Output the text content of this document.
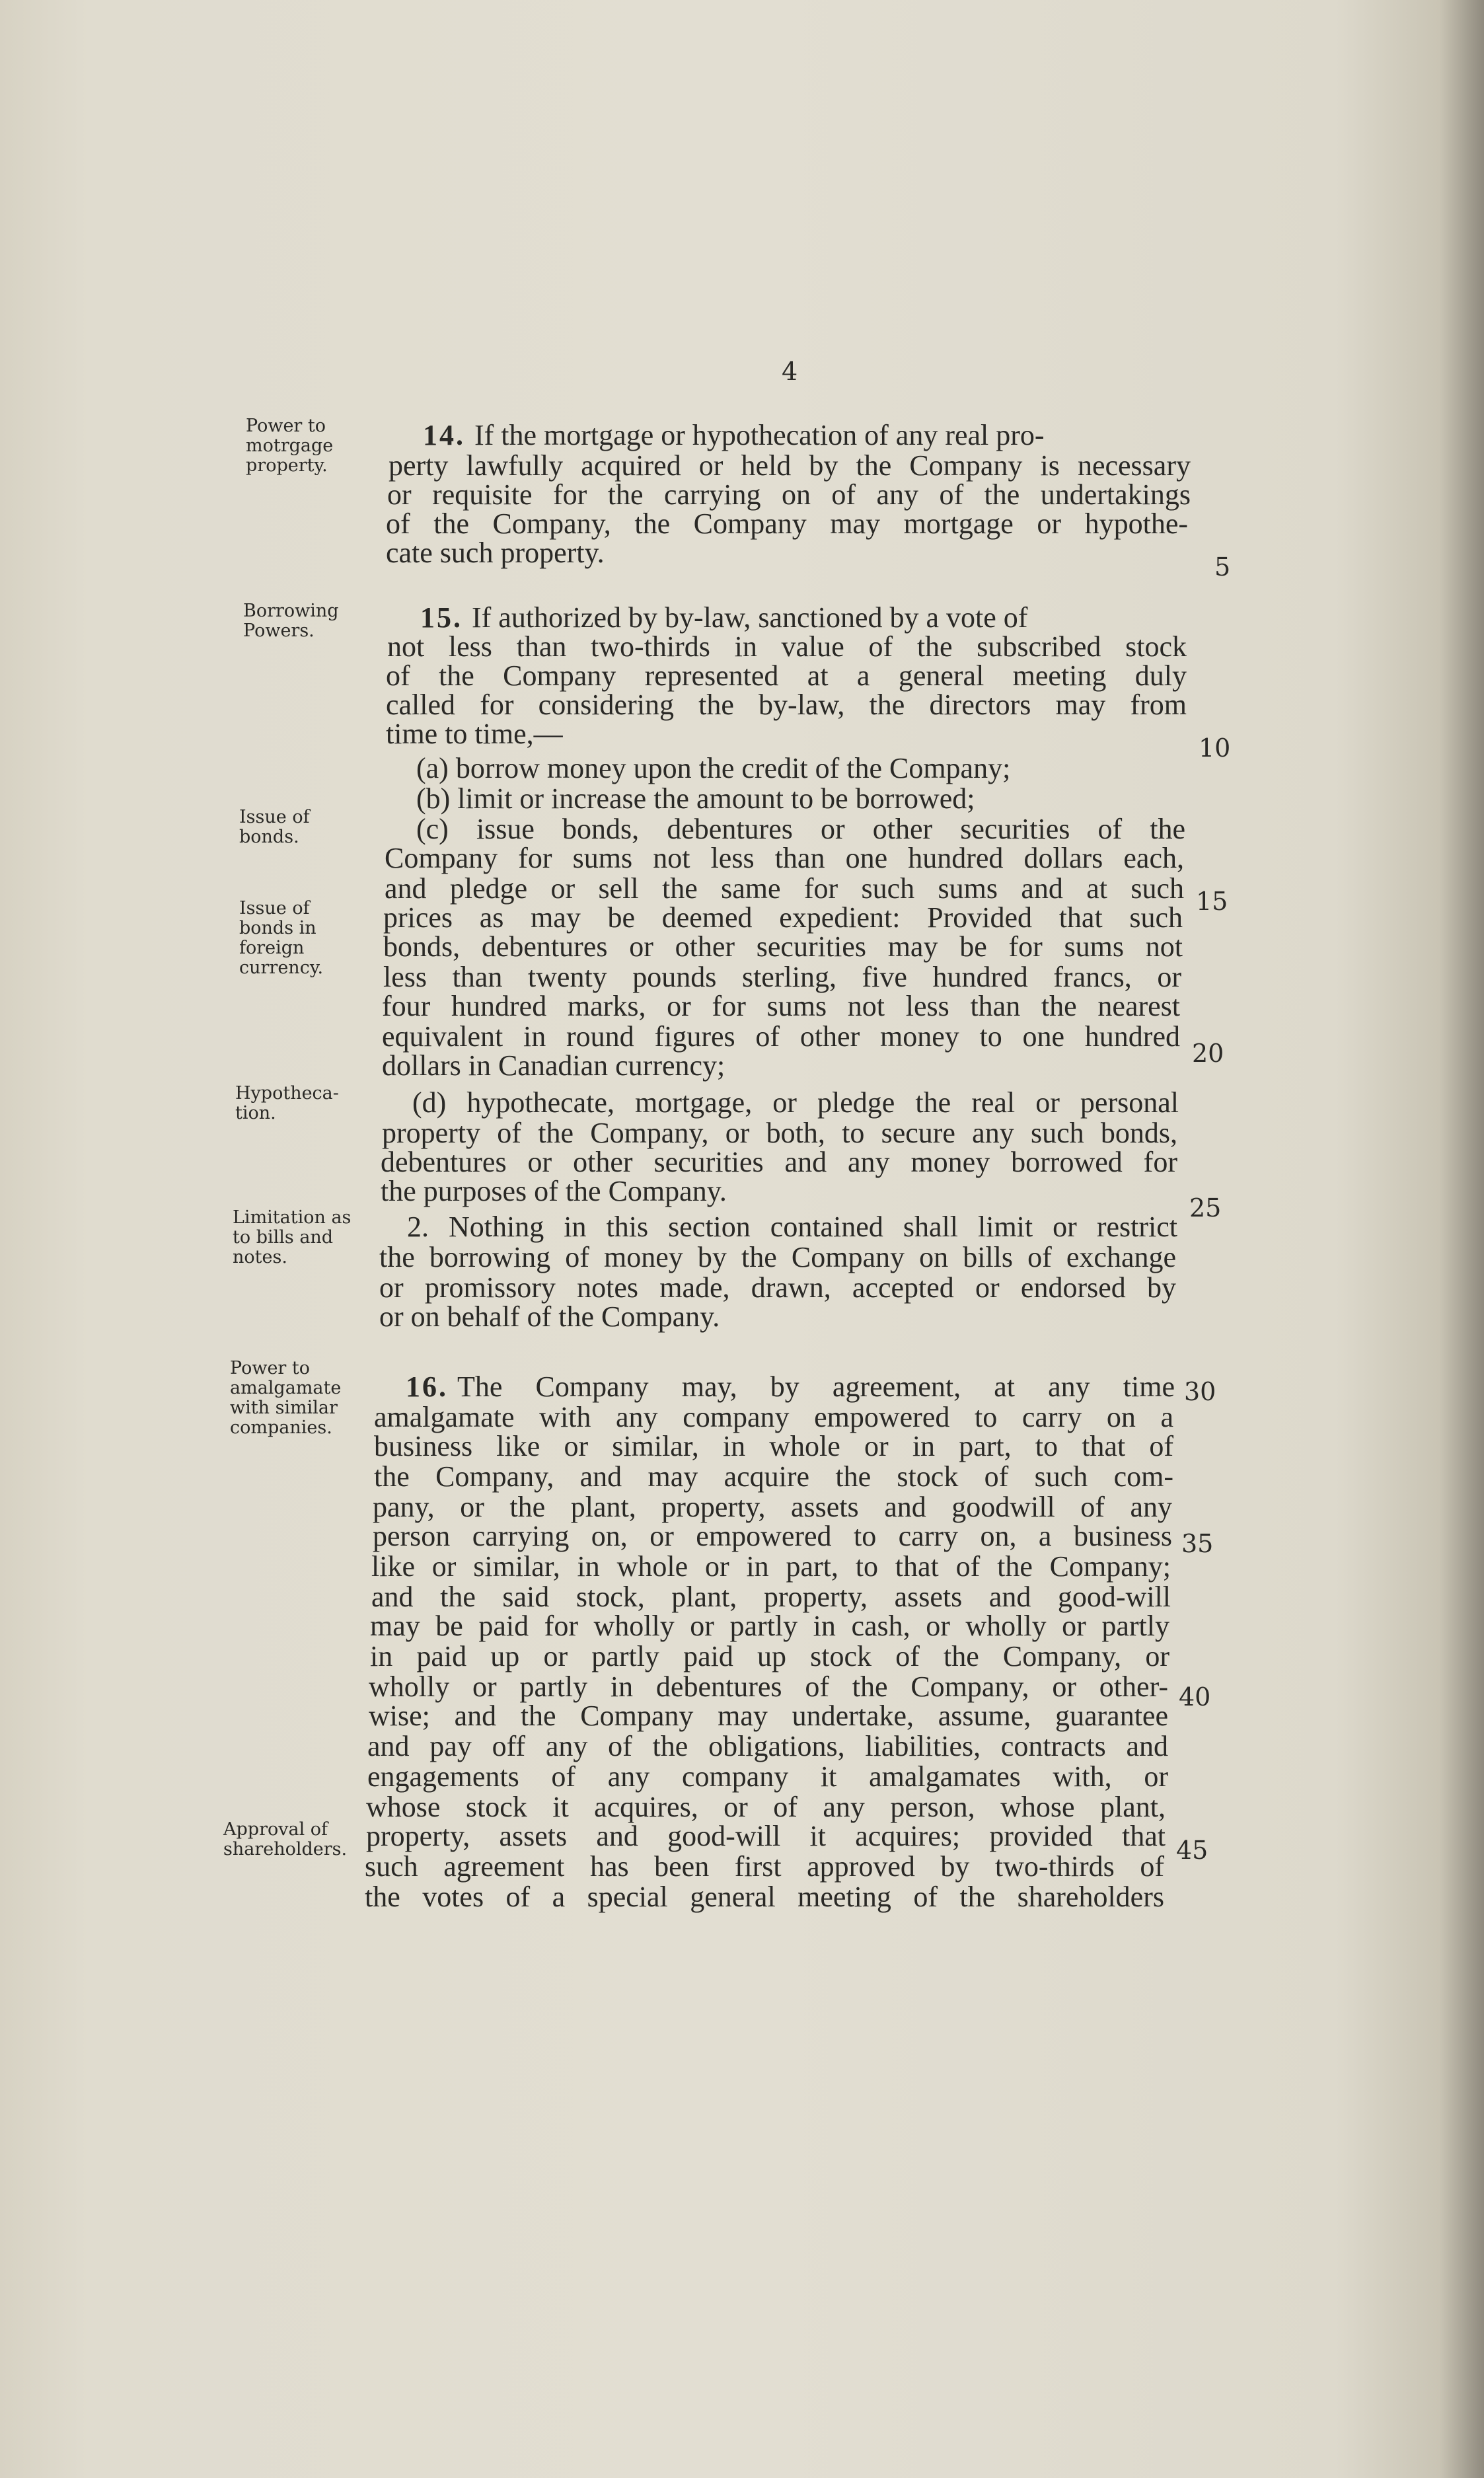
4
Power to
motrgage
property.
Borrowing
Powers.
Issue of
bonds.
Issue of
bonds in
foreign
currency.
Hypotheca-
tion.
Limitation as
to bills and
notes.
Power to
amalgamate
with similar
companies.
Approval of
shareholders.
5
10
15
20
25
30
35
40
45
14. If the mortgage or hypothecation of any real pro-
perty lawfully acquired or held by the Company is necessary
or requisite for the carrying on of any of the undertakings
of the Company, the Company may mortgage or hypothe-
cate such property.
15. If authorized by by-law, sanctioned by a vote of
not less than two-thirds in value of the subscribed stock
of the Company represented at a general meeting duly
called for considering the by-law, the directors may from
time to time,—
(a) borrow money upon the credit of the Company;
(b) limit or increase the amount to be borrowed;
(c) issue bonds, debentures or other securities of the
Company for sums not less than one hundred dollars each,
and pledge or sell the same for such sums and at such
prices as may be deemed expedient: Provided that such
bonds, debentures or other securities may be for sums not
less than twenty pounds sterling, five hundred francs, or
four hundred marks, or for sums not less than the nearest
equivalent in round figures of other money to one hundred
dollars in Canadian currency;
(d) hypothecate, mortgage, or pledge the real or personal
property of the Company, or both, to secure any such bonds,
debentures or other securities and any money borrowed for
the purposes of the Company.
2. Nothing in this section contained shall limit or restrict
the borrowing of money by the Company on bills of exchange
or promissory notes made, drawn, accepted or endorsed by
or on behalf of the Company.
16. The Company may, by agreement, at any time
amalgamate with any company empowered to carry on a
business like or similar, in whole or in part, to that of
the Company, and may acquire the stock of such com-
pany, or the plant, property, assets and goodwill of any
person carrying on, or empowered to carry on, a business
like or similar, in whole or in part, to that of the Company;
and the said stock, plant, property, assets and good-will
may be paid for wholly or partly in cash, or wholly or partly
in paid up or partly paid up stock of the Company, or
wholly or partly in debentures of the Company, or other-
wise; and the Company may undertake, assume, guarantee
and pay off any of the obligations, liabilities, contracts and
engagements of any company it amalgamates with, or
whose stock it acquires, or of any person, whose plant,
property, assets and good-will it acquires; provided that
such agreement has been first approved by two-thirds of
the votes of a special general meeting of the shareholders
